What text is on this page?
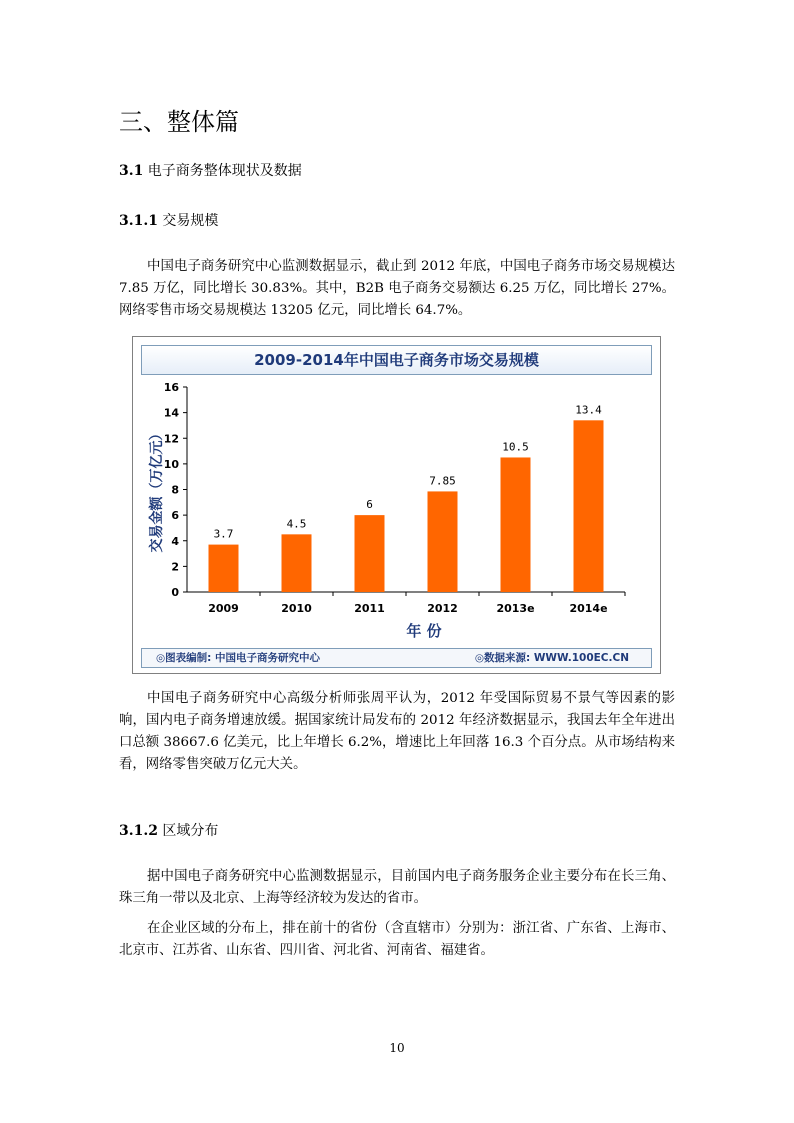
三、整体篇

3.1 电子商务整体现状及数据

3.1.1 交易规模

中国电子商务研究中心监测数据显示，截止到 2012 年底，中国电子商务市场交易规模达 7.85 万亿，同比增长 30.83%。其中，B2B 电子商务交易额达 6.25 万亿，同比增长 27%。网络零售市场交易规模达 13205 亿元，同比增长 64.7%。

2009-2014年中国电子商务市场交易规模
0
2
4
6
8
10
12
14
16
交易金额（万亿元）	3.7
2009
4.5
2010
6
2011
7.85
2012
10.5
2013e
13.4
2014e
年 份
◎图表编制: 中国电子商务研究中心	◎数据来源: WWW.100EC.CN

中国电子商务研究中心高级分析师张周平认为，2012 年受国际贸易不景气等因素的影响，国内电子商务增速放缓。据国家统计局发布的 2012 年经济数据显示，我国去年全年进出口总额 38667.6 亿美元，比上年增长 6.2%，增速比上年回落 16.3 个百分点。从市场结构来看，网络零售突破万亿元大关。

3.1.2 区域分布

据中国电子商务研究中心监测数据显示，目前国内电子商务服务企业主要分布在长三角、珠三角一带以及北京、上海等经济较为发达的省市。

在企业区域的分布上，排在前十的省份（含直辖市）分别为：浙江省、广东省、上海市、北京市、江苏省、山东省、四川省、河北省、河南省、福建省。

10
